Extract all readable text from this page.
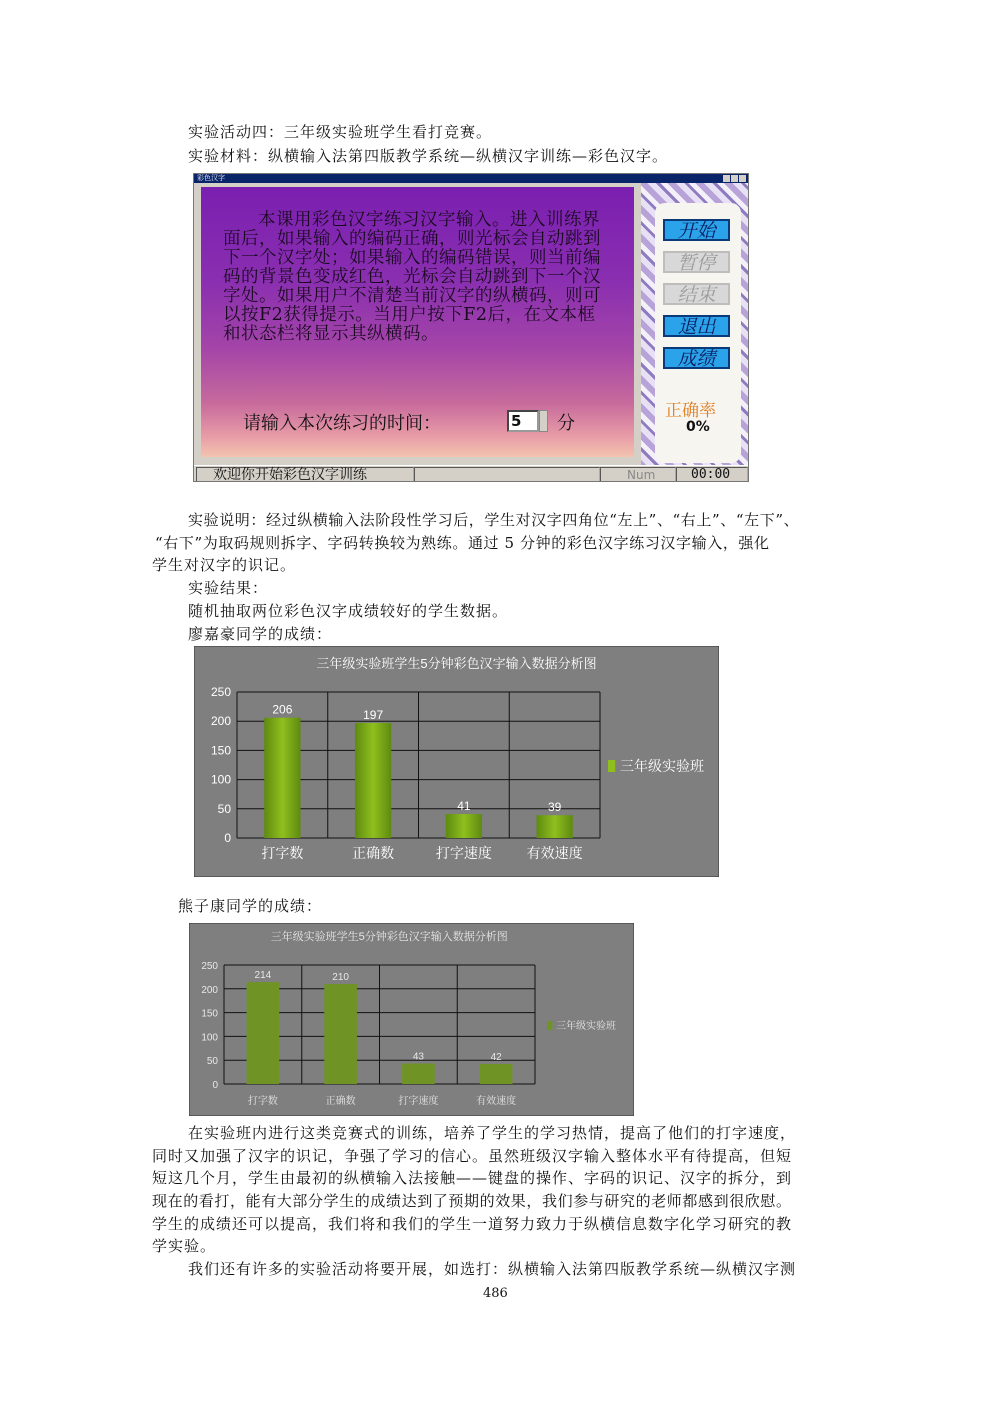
实验活动四：三年级实验班学生看打竞赛。
实验材料：纵横输入法第四版教学系统—纵横汉字训练—彩色汉字。
彩色汉字
本课用彩色汉字练习汉字输入。进入训练界面后，如果输入的编码正确，则光标会自动跳到下一个汉字处；如果输入的编码错误，则当前编码的背景色变成红色，光标会自动跳到下一个汉字处。如果用户不清楚当前汉字的纵横码，则可以按F2获得提示。当用户按下F2后，在文本框和状态栏将显示其纵横码。
请输入本次练习的时间：	5	分
开始
暂停
结束
退出
成绩
正确率
0%
欢迎你开始彩色汉字训练	Num	00:00
实验说明：经过纵横输入法阶段性学习后，学生对汉字四角位“左上”、“右上”、“左下”、
“右下”为取码规则拆字、字码转换较为熟练。通过 5 分钟的彩色汉字练习汉字输入，强化
学生对汉字的识记。
实验结果：
随机抽取两位彩色汉字成绩较好的学生数据。
廖嘉豪同学的成绩：
三年级实验班学生5分钟彩色汉字输入数据分析图
0
50
100
150
200
250
206
打字数
197
正确数
41
打字速度
39
有效速度
三年级实验班
熊子康同学的成绩：
三年级实验班学生5分钟彩色汉字输入数据分析图
0
50
100
150
200
250
214
打字数
210
正确数
43
打字速度
42
有效速度
三年级实验班
在实验班内进行这类竞赛式的训练，培养了学生的学习热情，提高了他们的打字速度，
同时又加强了汉字的识记，争强了学习的信心。虽然班级汉字输入整体水平有待提高，但短
短这几个月，学生由最初的纵横输入法接触——键盘的操作、字码的识记、汉字的拆分，到
现在的看打，能有大部分学生的成绩达到了预期的效果，我们参与研究的老师都感到很欣慰。
学生的成绩还可以提高，我们将和我们的学生一道努力致力于纵横信息数字化学习研究的教
学实验。
我们还有许多的实验活动将要开展，如选打：纵横输入法第四版教学系统—纵横汉字测
486
